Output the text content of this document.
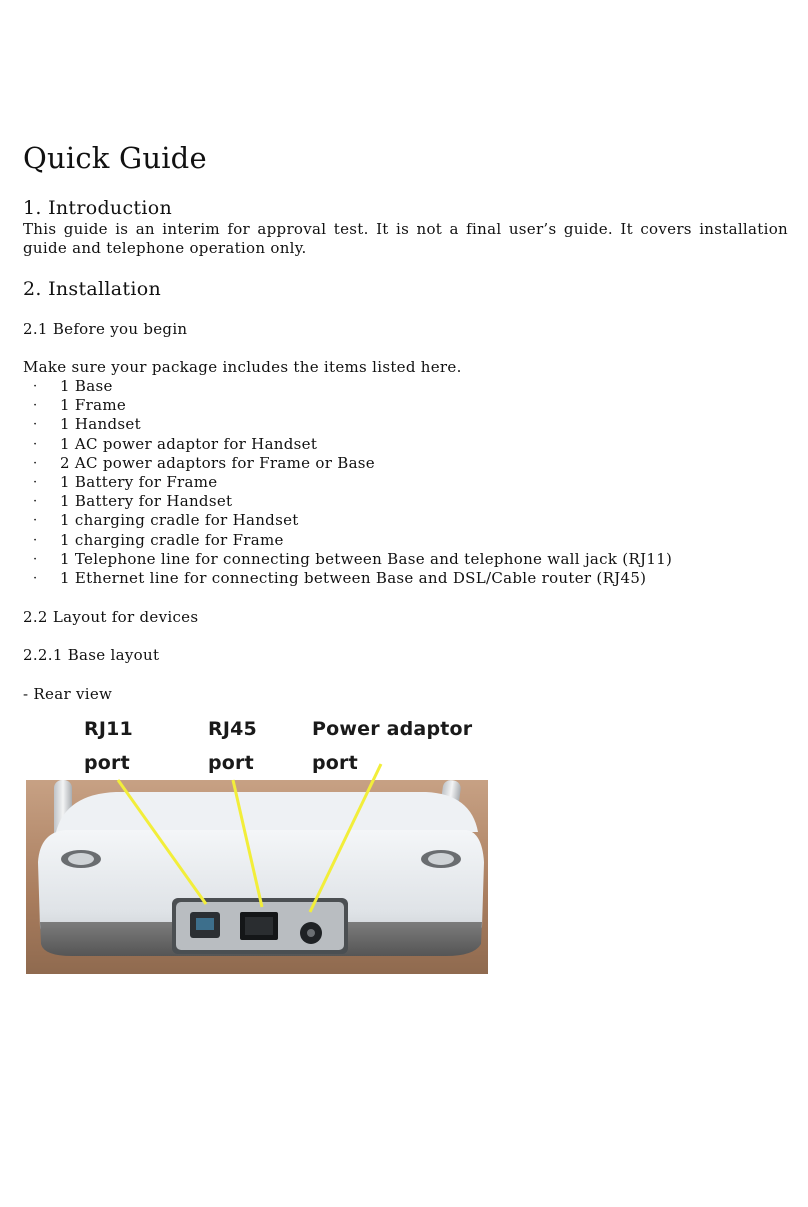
Quick Guide
1. Introduction

This guide is an interim for approval test. It is not a final user’s guide. It covers installation guide and telephone operation only.

2. Installation

2.1 Before you begin

Make sure your package includes the items listed here.

· 1 Base
· 1 Frame
· 1 Handset
· 1 AC power adaptor for Handset
· 2 AC power adaptors for Frame or Base
· 1 Battery for Frame
· 1 Battery for Handset
· 1 charging cradle for Handset
· 1 charging cradle for Frame
· 1 Telephone line for connecting between Base and telephone wall jack (RJ11)
· 1 Ethernet line for connecting between Base and DSL/Cable router (RJ45)

2.2 Layout for devices

2.2.1 Base layout

- Rear view

RJ11
port
RJ45
port
Power adaptor
port
